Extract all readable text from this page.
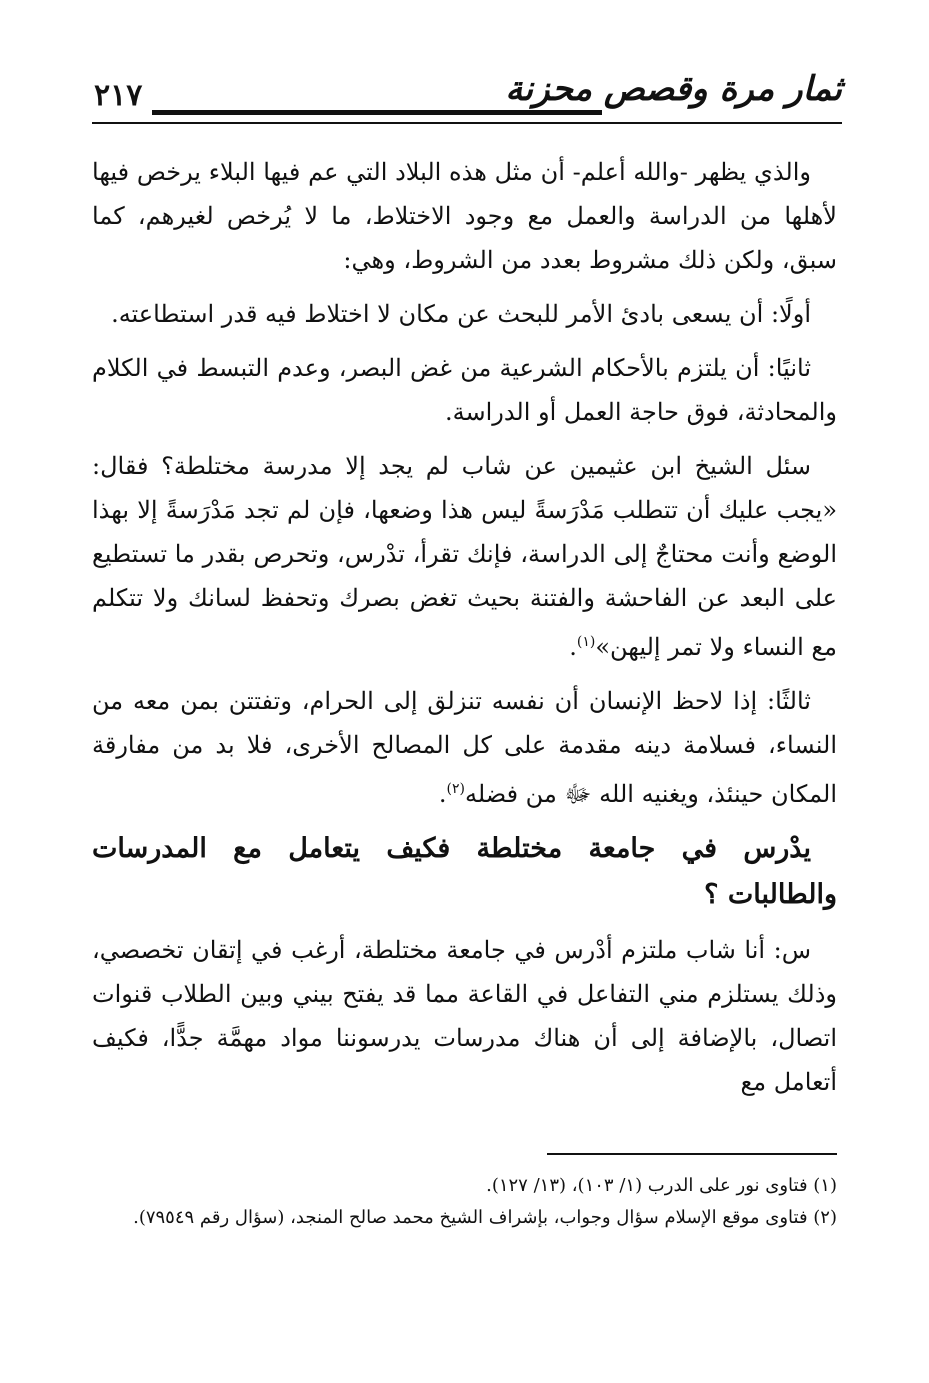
ثمار مرة وقصص محزنة
٢١٧

والذي يظهر -والله أعلم- أن مثل هذه البلاد التي عم فيها البلاء يرخص فيها لأهلها من الدراسة والعمل مع وجود الاختلاط، ما لا يُرخص لغيرهم، كما سبق، ولكن ذلك مشروط بعدد من الشروط، وهي:

أولًا: أن يسعى بادئ الأمر للبحث عن مكان لا اختلاط فيه قدر استطاعته.

ثانيًا: أن يلتزم بالأحكام الشرعية من غض البصر، وعدم التبسط في الكلام والمحادثة، فوق حاجة العمل أو الدراسة.

سئل الشيخ ابن عثيمين عن شاب لم يجد إلا مدرسة مختلطة؟ فقال: «يجب عليك أن تتطلب مَدْرَسةً ليس هذا وضعها، فإن لم تجد مَدْرَسةً إلا بهذا الوضع وأنت محتاجٌ إلى الدراسة، فإنك تقرأ، تدْرس، وتحرص بقدر ما تستطيع على البعد عن الفاحشة والفتنة بحيث تغض بصرك وتحفظ لسانك ولا تتكلم مع النساء ولا تمر إليهن»$^{(١)}$.

ثالثًا: إذا لاحظ الإنسان أن نفسه تنزلق إلى الحرام، وتفتتن بمن معه من النساء، فسلامة دينه مقدمة على كل المصالح الأخرى، فلا بد من مفارقة المكان حينئذ، ويغنيه الله ﷻ من فضله$^{(٢)}$.

يدْرس في جامعة مختلطة فكيف يتعامل مع المدرسات والطالبات ؟

س: أنا شاب ملتزم أدْرس في جامعة مختلطة، أرغب في إتقان تخصصي، وذلك يستلزم مني التفاعل في القاعة مما قد يفتح بيني وبين الطلاب قنوات اتصال، بالإضافة إلى أن هناك مدرسات يدرسوننا مواد مهمَّة جدًّا، فكيف أتعامل مع

(١) فتاوى نور على الدرب (١/ ١٠٣)، (١٣/ ١٢٧).
(٢) فتاوى موقع الإسلام سؤال وجواب، بإشراف الشيخ محمد صالح المنجد، (سؤال رقم ٧٩٥٤٩).
